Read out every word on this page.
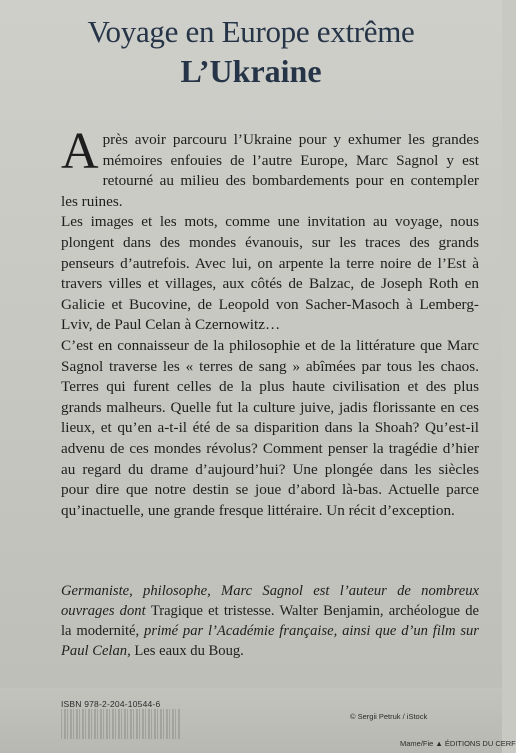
Voyage en Europe extrême
L’Ukraine

Après avoir parcouru l’Ukraine pour y exhumer les grandes mémoires enfouies de l’autre Europe, Marc Sagnol y est retourné au milieu des bombardements pour en contempler les ruines.

Les images et les mots, comme une invitation au voyage, nous plongent dans des mondes évanouis, sur les traces des grands penseurs d’autrefois. Avec lui, on arpente la terre noire de l’Est à travers villes et villages, aux côtés de Balzac, de Joseph Roth en Galicie et Bucovine, de Leopold von Sacher-Masoch à Lemberg-Lviv, de Paul Celan à Czernowitz…

C’est en connaisseur de la philosophie et de la littérature que Marc Sagnol traverse les « terres de sang » abîmées par tous les chaos. Terres qui furent celles de la plus haute civilisation et des plus grands malheurs. Quelle fut la culture juive, jadis florissante en ces lieux, et qu’en a-t-il été de sa disparition dans la Shoah? Qu’est-il advenu de ces mondes révolus? Comment penser la tragédie d’hier au regard du drame d’aujourd’hui? Une plongée dans les siècles pour dire que notre destin se joue d’abord là-bas. Actuelle parce qu’inactuelle, une grande fresque littéraire. Un récit d’exception.

Germaniste, philosophe, Marc Sagnol est l’auteur de nombreux ouvrages dont Tragique et tristesse. Walter Benjamin, archéologue de la modernité, primé par l’Académie française, ainsi que d’un film sur Paul Celan, Les eaux du Boug.
ISBN 978-2-204-10544-6
© Sergii Petruk / iStock
Mame/Fie ▲ ÉDITIONS DU CERF
